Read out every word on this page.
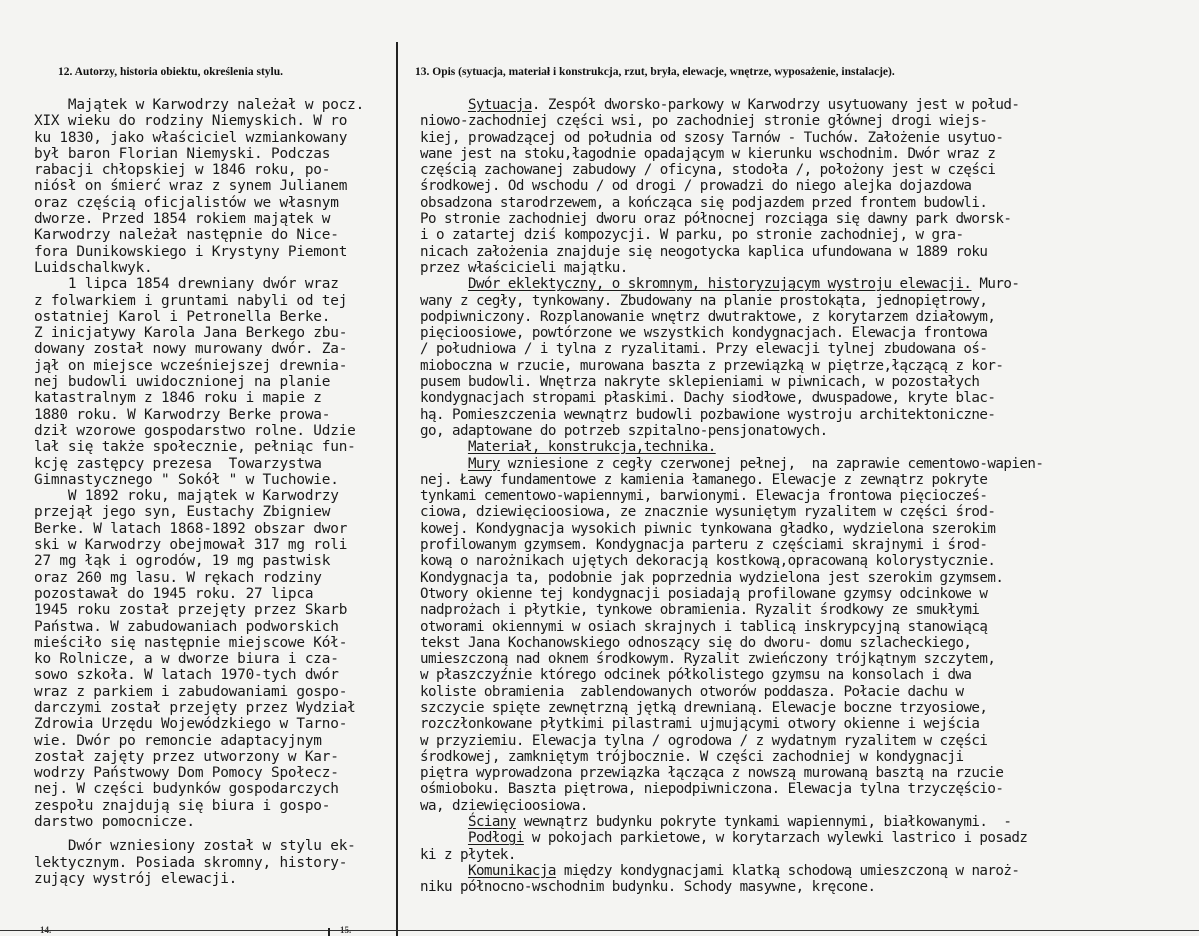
12. Autorzy, historia obiektu, określenia stylu.	13. Opis (sytuacja, materiał i konstrukcja, rzut, bryła, elewacje, wnętrze, wyposażenie, instalacje).
Majątek w Karwodrzy należał w pocz.
XIX wieku do rodziny Niemyskich. W ro
ku 1830, jako właściciel wzmiankowany
był baron Florian Niemyski. Podczas
rabacji chłopskiej w 1846 roku, po-
niósł on śmierć wraz z synem Julianem
oraz częścią oficjalistów we własnym
dworze. Przed 1854 rokiem majątek w
Karwodrzy należał następnie do Nice-
fora Dunikowskiego i Krystyny Piemont
Luidschalkwyk.
1 lipca 1854 drewniany dwór wraz
z folwarkiem i gruntami nabyli od tej
ostatniej Karol i Petronella Berke.
Z inicjatywy Karola Jana Berkego zbu-
dowany został nowy murowany dwór. Za-
jął on miejsce wcześniejszej drewnia-
nej budowli uwidocznionej na planie
katastralnym z 1846 roku i mapie z
1880 roku. W Karwodrzy Berke prowa-
dził wzorowe gospodarstwo rolne. Udzie
lał się także społecznie, pełniąc fun-
kcję zastępcy prezesa  Towarzystwa
Gimnastycznego " Sokół " w Tuchowie.
W 1892 roku, majątek w Karwodrzy
przejął jego syn, Eustachy Zbigniew
Berke. W latach 1868-1892 obszar dwor
ski w Karwodrzy obejmował 317 mg roli
27 mg łąk i ogrodów, 19 mg pastwisk
oraz 260 mg lasu. W rękach rodziny
pozostawał do 1945 roku. 27 lipca
1945 roku został przejęty przez Skarb
Państwa. W zabudowaniach podworskich
mieściło się następnie miejscowe Kół-
ko Rolnicze, a w dworze biura i cza-
sowo szkoła. W latach 1970-tych dwór
wraz z parkiem i zabudowaniami gospo-
darczymi został przejęty przez Wydział
Zdrowia Urzędu Wojewódzkiego w Tarno-
wie. Dwór po remoncie adaptacyjnym
został zajęty przez utworzony w Kar-
wodrzy Państwowy Dom Pomocy Społecz-
nej. W części budynków gospodarczych
zespołu znajdują się biura i gospo-
darstwo pomocnicze.
Dwór wzniesiony został w stylu ek-
lektycznym. Posiada skromny, history-
zujący wystrój elewacji.
Sytuacja. Zespół dworsko-parkowy w Karwodrzy usytuowany jest w połud-
niowo-zachodniej części wsi, po zachodniej stronie głównej drogi wiejs-
kiej, prowadzącej od południa od szosy Tarnów - Tuchów. Założenie usytuo-
wane jest na stoku,łagodnie opadającym w kierunku wschodnim. Dwór wraz z
częścią zachowanej zabudowy / oficyna, stodoła /, położony jest w części
środkowej. Od wschodu / od drogi / prowadzi do niego alejka dojazdowa
obsadzona starodrzewem, a kończąca się podjazdem przed frontem budowli.
Po stronie zachodniej dworu oraz północnej rozciąga się dawny park dworsk-
i o zatartej dziś kompozycji. W parku, po stronie zachodniej, w gra-
nicach założenia znajduje się neogotycka kaplica ufundowana w 1889 roku
przez właścicieli majątku.
Dwór eklektyczny, o skromnym, historyzującym wystroju elewacji. Muro-
wany z cegły, tynkowany. Zbudowany na planie prostokąta, jednopiętrowy,
podpiwniczony. Rozplanowanie wnętrz dwutraktowe, z korytarzem działowym,
pięcioosiowe, powtórzone we wszystkich kondygnacjach. Elewacja frontowa
/ południowa / i tylna z ryzalitami. Przy elewacji tylnej zbudowana oś-
mioboczna w rzucie, murowana baszta z przewiązką w piętrze,łączącą z kor-
pusem budowli. Wnętrza nakryte sklepieniami w piwnicach, w pozostałych
kondygnacjach stropami płaskimi. Dachy siodłowe, dwuspadowe, kryte blac-
hą. Pomieszczenia wewnątrz budowli pozbawione wystroju architektoniczne-
go, adaptowane do potrzeb szpitalno-pensjonatowych.
Materiał, konstrukcja,technika.
Mury wzniesione z cegły czerwonej pełnej,  na zaprawie cementowo-wapien-
nej. Ławy fundamentowe z kamienia łamanego. Elewacje z zewnątrz pokryte
tynkami cementowo-wapiennymi, barwionymi. Elewacja frontowa pięciocześ-
ciowa, dziewięcioosiowa, ze znacznie wysuniętym ryzalitem w części środ-
kowej. Kondygnacja wysokich piwnic tynkowana gładko, wydzielona szerokim
profilowanym gzymsem. Kondygnacja parteru z częściami skrajnymi i środ-
kową o narożnikach ujętych dekoracją kostkową,opracowaną kolorystycznie.
Kondygnacja ta, podobnie jak poprzednia wydzielona jest szerokim gzymsem.
Otwory okienne tej kondygnacji posiadają profilowane gzymsy odcinkowe w
nadprożach i płytkie, tynkowe obramienia. Ryzalit środkowy ze smukłymi
otworami okiennymi w osiach skrajnych i tablicą inskrypcyjną stanowiącą
tekst Jana Kochanowskiego odnoszący się do dworu- domu szlacheckiego,
umieszczoną nad oknem środkowym. Ryzalit zwieńczony trójkątnym szczytem,
w płaszczyźnie którego odcinek półkolistego gzymsu na konsolach i dwa
koliste obramienia  zablendowanych otworów poddasza. Połacie dachu w
szczycie spięte zewnętrzną jętką drewnianą. Elewacje boczne trzyosiowe,
rozczłonkowane płytkimi pilastrami ujmującymi otwory okienne i wejścia
w przyziemiu. Elewacja tylna / ogrodowa / z wydatnym ryzalitem w części
środkowej, zamkniętym trójbocznie. W części zachodniej w kondygnacji
piętra wyprowadzona przewiązka łącząca z nowszą murowaną basztą na rzucie
ośmioboku. Baszta piętrowa, niepodpiwniczona. Elewacja tylna trzyczęścio-
wa, dziewięcioosiowa.
Ściany wewnątrz budynku pokryte tynkami wapiennymi, białkowanymi.  -
Podłogi w pokojach parkietowe, w korytarzach wylewki lastrico i posadz
ki z płytek.
Komunikacja między kondygnacjami klatką schodową umieszczoną w naroż-
niku północno-wschodnim budynku. Schody masywne, kręcone.
14.	15.
